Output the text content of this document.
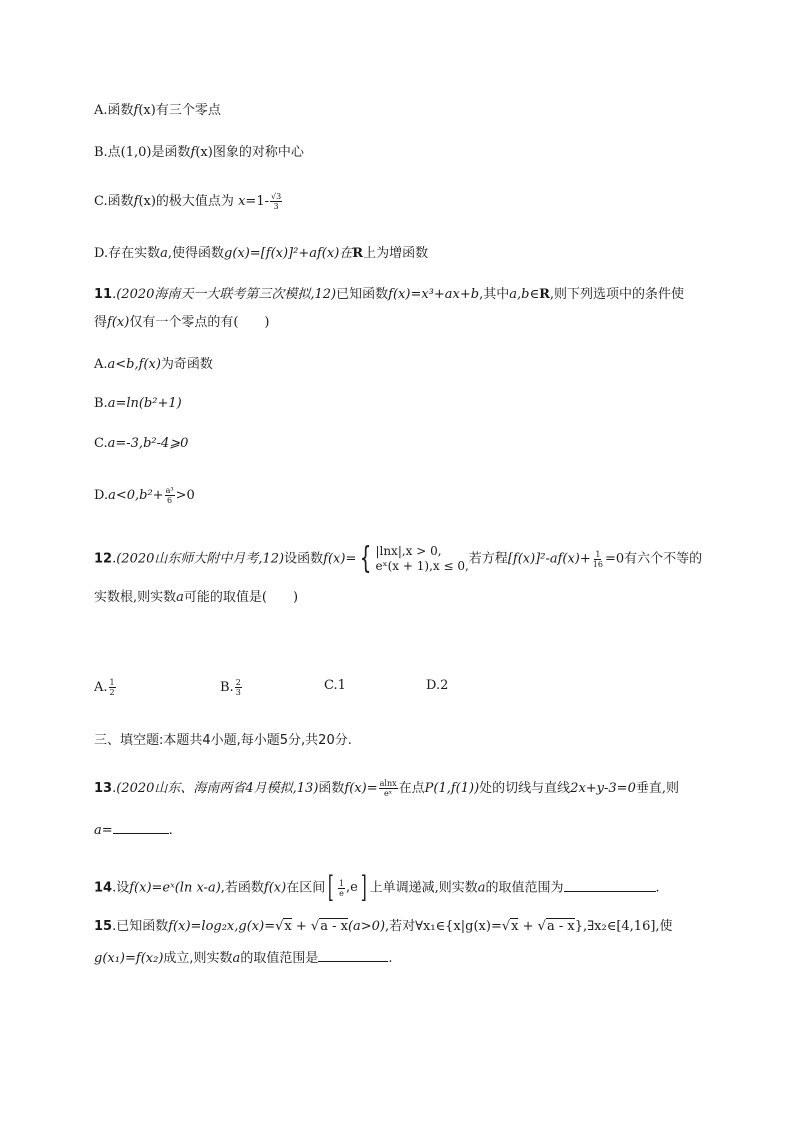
A.函数f(x)有三个零点
B.点(1,0)是函数f(x)图象的对称中心
C.函数f(x)的极大值点为 $x=1- \frac{√3}{3}$
D.存在实数a,使得函数g(x)=[f(x)]²+af(x)在R上为增函数
11.(2020海南天一大联考第三次模拟,12)已知函数f(x)=x³+ax+b,其中a,b∈R,则下列选项中的条件使
得f(x)仅有一个零点的有(　　)
A.a<b,f(x)为奇函数
B.a=ln(b²+1)
C.a=-3,b²-4⩾0
$D.a<0,b^2+ \frac{\text{a³}}{6} >0$
12.(2020山东师大附中月考,12)设函数f(x)= { |lnx|,x > 0,
eˣ(x + 1),x ≤ 0, 若方程$[f(x)]^2-af(x)+ \frac{1}{16} =0$有六个不等的
实数根,则实数a可能的取值是(　　)
A. $\frac{1}{2}$	B. $\frac{2}{3}$	C.1	D.2
三、填空题:本题共4小题,每小题5分,共20分.
13.(2020山东、海南两省4月模拟,13)函数$f(x)= \frac{alnx}{\text{eˣ}}$ 在点P(1,f(1))处的切线与直线2x+y-3=0垂直,则
a=	.
14.设f(x)=eˣ(ln x-a),若函数f(x)在区间 [ $\frac{1}{e} ,e$ ] 上单调递减,则实数a的取值范围为	.
15.已知函数f(x)=log₂x,g(x)=√x + √a - x(a>0),若对∀x₁∈{x|g(x)=√x + √a - x},∃x₂∈[4,16],使
g(x₁)=f(x₂)成立,则实数a的取值范围是	.
